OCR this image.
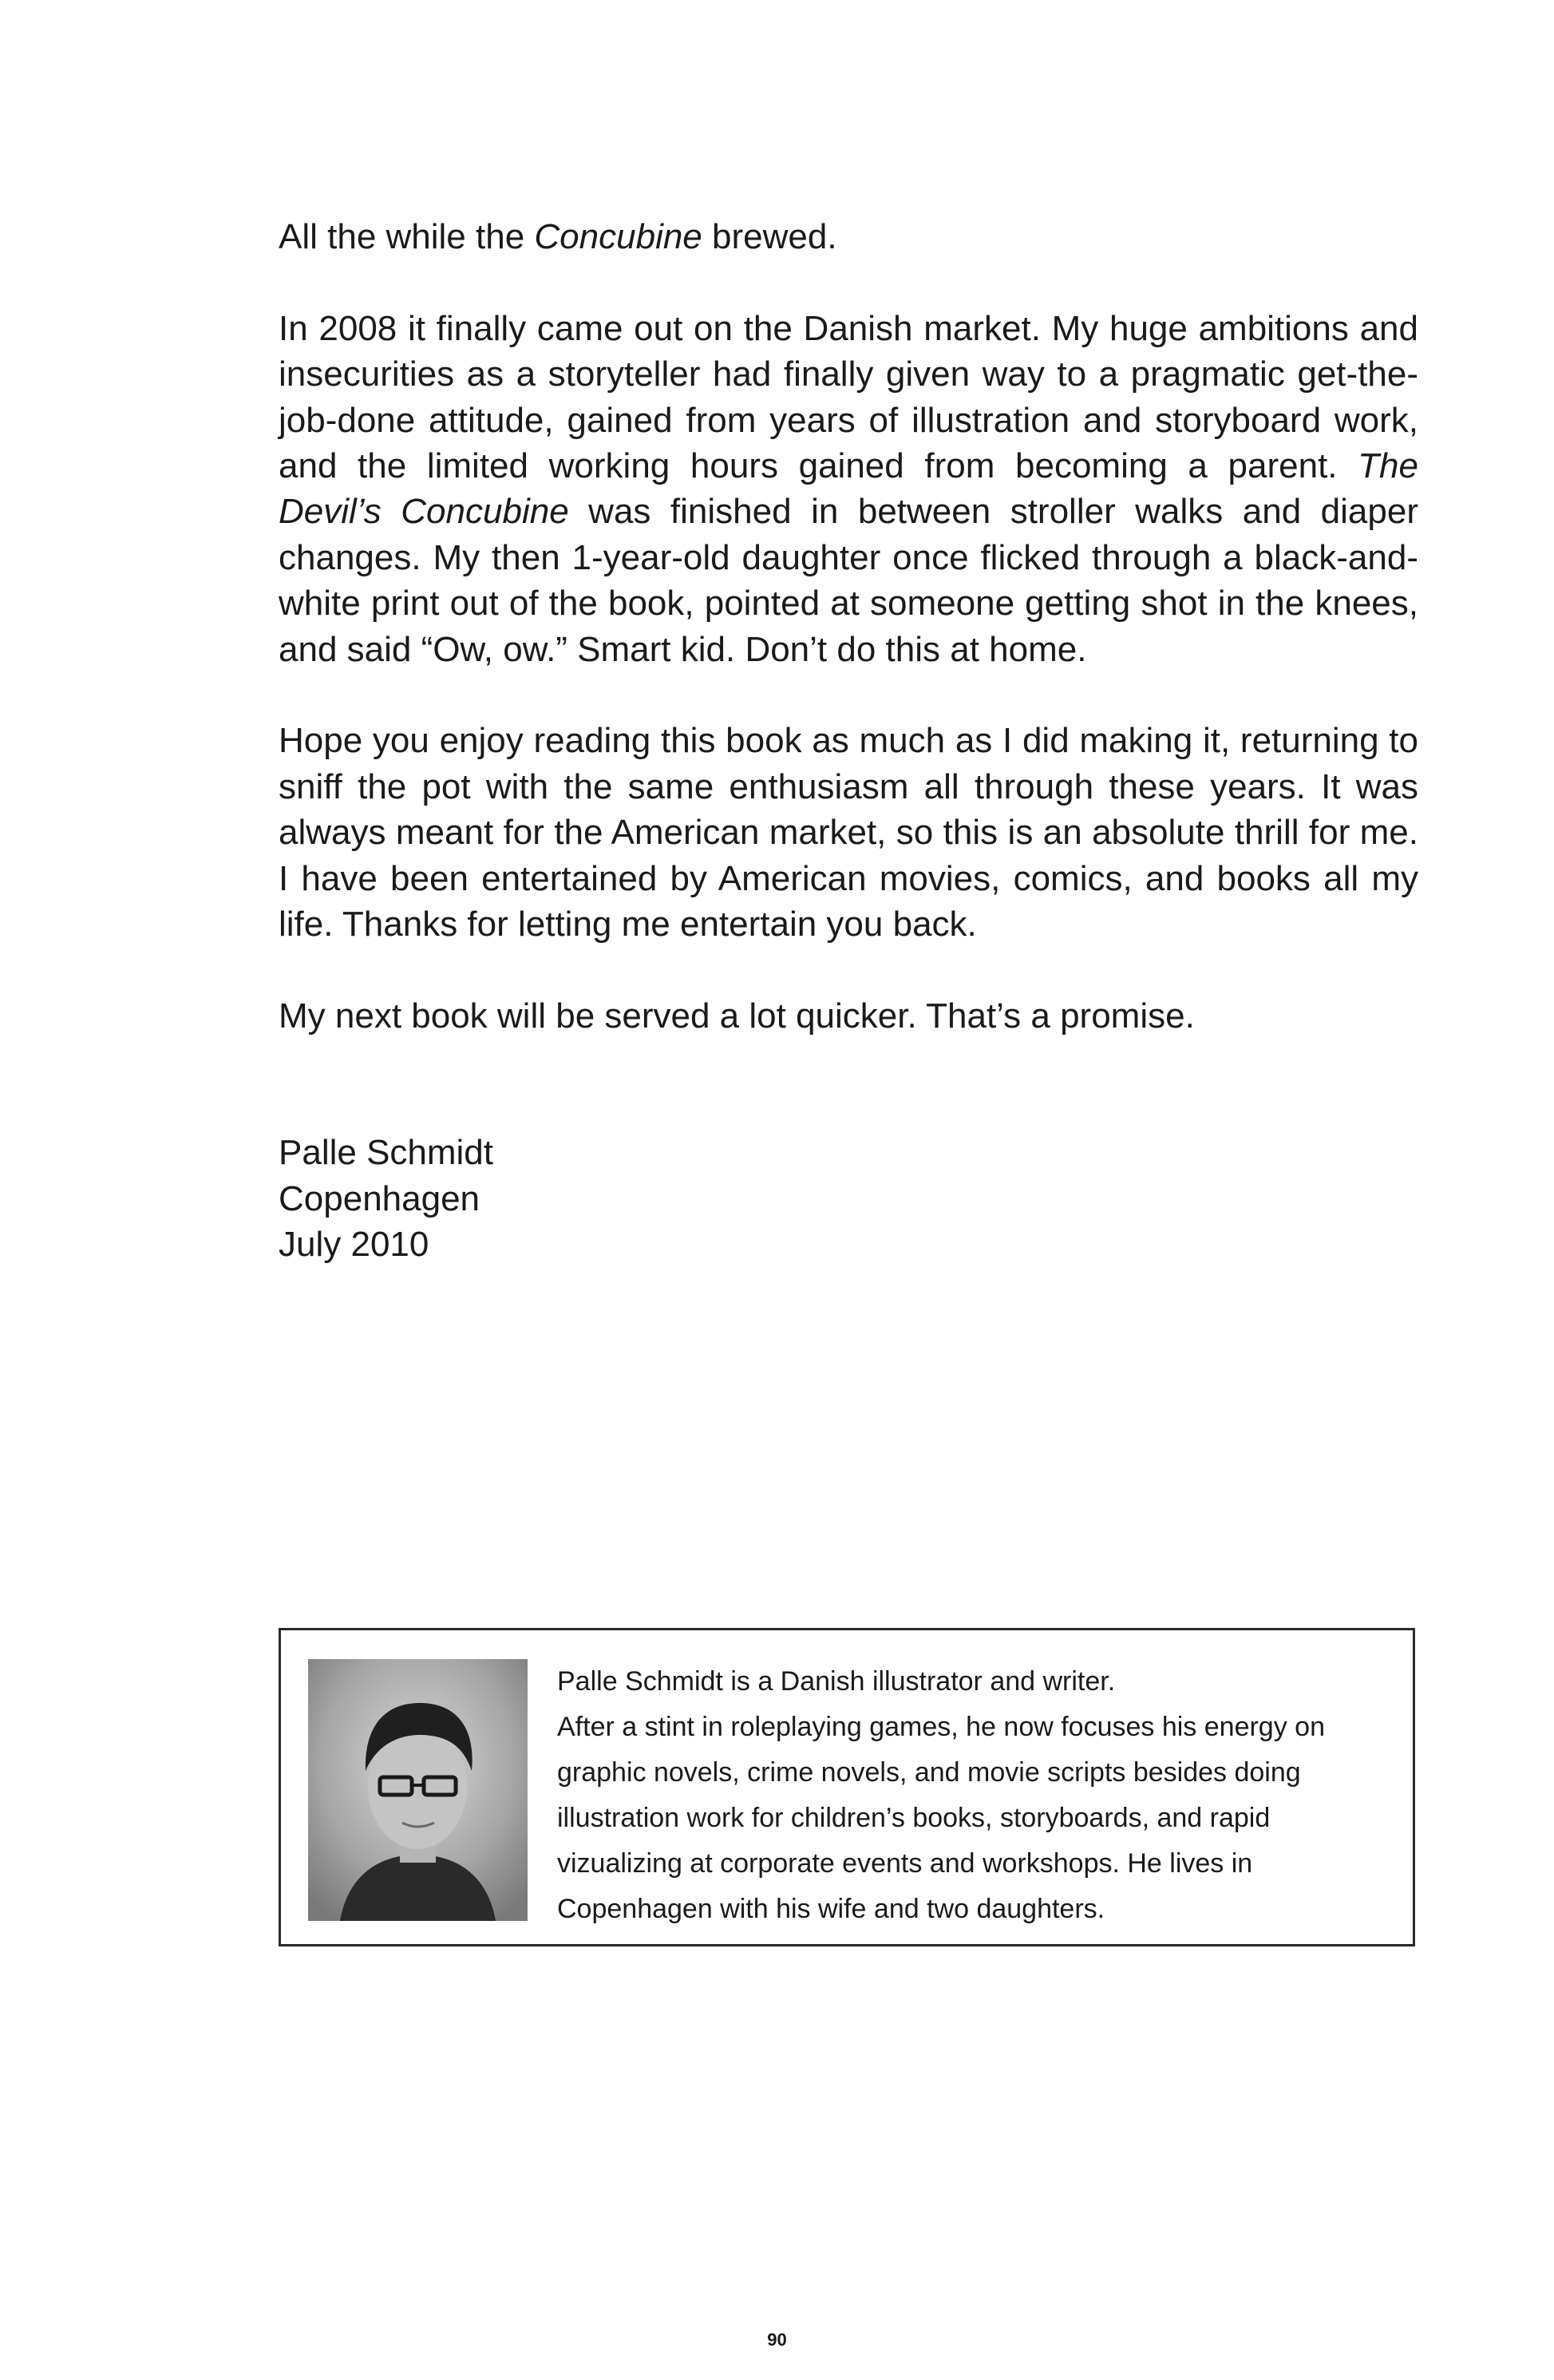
All the while the Concubine brewed.

In 2008 it finally came out on the Danish market. My huge ambitions and insecurities as a storyteller had finally given way to a pragmatic get-the-job-done attitude, gained from years of illustration and storyboard work, and the limited working hours gained from becoming a parent. The Devil’s Concubine was finished in between stroller walks and diaper changes. My then 1-year-old daughter once flicked through a black-and-white print out of the book, pointed at someone getting shot in the knees, and said “Ow, ow.” Smart kid. Don’t do this at home.

Hope you enjoy reading this book as much as I did making it, returning to sniff the pot with the same enthusiasm all through these years. It was always meant for the American market, so this is an absolute thrill for me. I have been entertained by American movies, comics, and books all my life. Thanks for letting me entertain you back.

My next book will be served a lot quicker. That’s a promise.

Palle Schmidt
Copenhagen
July 2010

Palle Schmidt is a Danish illustrator and writer.

After a stint in roleplaying games, he now focuses his energy on graphic novels, crime novels, and movie scripts besides doing illustration work for children’s books, storyboards, and rapid vizualizing at corporate events and workshops. He lives in Copenhagen with his wife and two daughters.

90
